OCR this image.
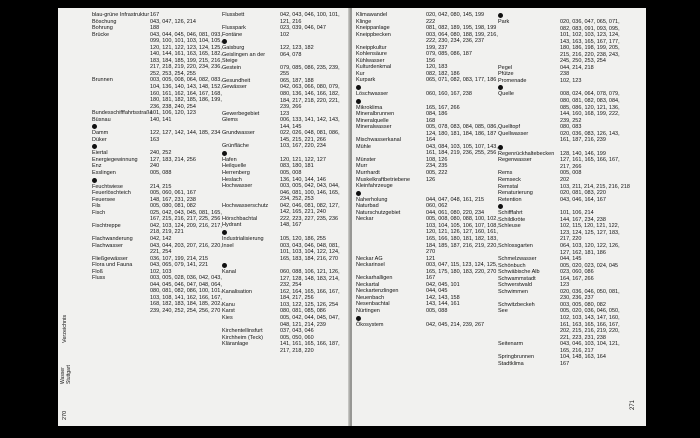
blau-grüne Infrastruktur 167
Böschung	043, 047, 126, 214
Bohrung	188
Brücke	043, 044, 045, 046, 081, 093, 099, 100, 101, 103, 104, 105, 120, 121, 122, 123, 124, 125, 140, 144, 161, 163, 165, 182, 183, 184, 185, 199, 215, 216, 217, 218, 219, 220, 234, 236, 252, 253, 254, 255
Brunnen	003, 005, 008, 064, 082, 083, 104, 136, 140, 143, 148, 152, 160, 161, 162, 164, 167, 168, 180, 181, 182, 185, 186, 199, 236, 238, 240, 254
Bundesschifffahrtsstraße
101, 106, 120, 123
Büsnau	140, 141
Damm	122, 127, 142, 144, 185, 234
Düker	163
Eiertal	240, 252
Energiegewinnung	127, 183, 214, 256
Enz	240
Esslingen	005, 088
Feuchtwiese	214, 215
Feuerlöschteich	005, 060, 061, 167
Feuersee	148, 167, 231, 238
Fils	005, 080, 081, 082
Fisch	025, 042, 043, 045, 081, 165, 167, 215, 216, 217, 225, 256
Fischtreppe	042, 103, 124, 209, 216, 217, 218, 219, 221
Flachwanderung	042, 142
Flachwasser	043, 044, 203, 207, 216, 220, 221, 254
Fließgewässer	036, 107, 199, 214, 215
Flora und Fauna	043, 065, 079, 141, 221
Floß	102, 103
Fluss	003, 005, 028, 036, 042, 043, 044, 045, 046, 047, 048, 064, 080, 081, 082, 086, 100, 101, 103, 108, 141, 162, 166, 167, 168, 182, 183, 184, 185, 202, 239, 240, 252, 254, 256, 270
Flussbett	042, 043, 046, 100, 101, 121, 216
Flusspark	023, 039, 046, 047
Fontäne	102
Gaisburg	122, 123, 182
Geislingen an der Steige
064, 078
Gestein	079, 085, 086, 235, 239, 255
Gesundheit	065, 187, 188
Gewässer	042, 063, 066, 080, 079, 080, 136, 146, 166, 182, 184, 217, 218, 220, 221, 239, 266
Gewerbegebiet	123
Glems	006, 133, 141, 142, 143, 144, 145
Grundwasser	022, 026, 048, 081, 086, 145, 215, 221, 266
Grünfläche	103, 167, 220, 234
Hafen	120, 121, 122, 127
Heilquelle	083, 180, 181
Herrenberg	005, 008
Heslach	136, 140, 144, 146
Hochwasser	003, 005, 042, 043, 044, 046, 081, 100, 146, 165, 234, 252, 253
Hochwasserschutz	042, 046, 081, 082, 127, 142, 165, 221, 240
Hörschbachtal	222, 223, 227, 235, 236
Hydrant	148, 167
Industrialisierung	105, 120, 186, 255
Insel	003, 043, 046, 048, 081, 101, 103, 104, 122, 124, 165, 183, 184, 216, 270
Kanal	060, 088, 106, 121, 126, 127, 128, 148, 183, 214, 232, 254
Kanalisation	162, 164, 165, 166, 167, 184, 217, 256
Kanu	103, 122, 125, 126, 254
Karst	080, 081, 085, 086
Kies	005, 042, 044, 045, 047, 048, 121, 214, 239
Kirchentellinsfurt	037, 043, 046
Kirchheim (Teck)	005, 050, 060
Kläranlage	141, 161, 165, 166, 187, 217, 218, 220
Verzeichnis
Wasser
Stuttgart
270
Klimawandel	020, 042, 080, 145, 199
Klinge	222
Kneippanlage	081, 082, 189, 195, 198, 199
Kneippbecken	003, 064, 080, 188, 199, 216, 222, 230, 234, 236, 237
Kneippkultur	199, 237
Kohlensäure	079, 085, 086, 187
Kühlwasser	156
Kulturdenkmal	120, 183
Kur	082, 182, 186
Kurpark	065, 071, 082, 083, 177, 186
Löschwasser	060, 160, 167, 238
Mikroklima	165, 167, 266
Mineralbrunnen	084, 186
Mineralquelle	168
Mineralwasser	005, 078, 083, 084, 085, 086, 124, 180, 181, 184, 186, 187
Mischwasserkanal	164
Mühle	043, 084, 103, 105, 107, 143, 161, 184, 219, 236, 255, 256
Münster	108, 126
Murr	234, 235
Murrhardt	005, 222
Muskelkraftbetriebene Kleinfahrzeuge
126
Naherholung	044, 047, 048, 161, 215
Naturbad	060, 062
Naturschutzgebiet	044, 061, 080, 220, 234
Neckar	005, 008, 080, 088, 100, 102, 103, 104, 105, 106, 107, 108, 120, 121, 126, 127, 160, 161, 165, 166, 180, 181, 182, 183, 184, 185, 187, 216, 219, 220, 270
Neckar AG	121
Neckarinsel	003, 047, 115, 123, 124, 125, 165, 175, 180, 183, 220, 270
Neckarhalligen	167
Neckartal	042, 045, 101
Neckartenzlingen	044, 045
Neuenbach	142, 143, 158
Nesenbachtal	143, 144, 161
Nürtingen	005, 088
Ökosystem	042, 045, 214, 239, 267
Park	020, 036, 047, 065, 071, 082, 083, 091, 093, 095, 101, 102, 103, 123, 124, 143, 163, 165, 167, 177, 180, 186, 198, 199, 205, 215, 216, 220, 238, 243, 245, 250, 253, 254
Pegel	044, 214, 218
Pfütze	238
Promenade	102, 123
Quelle	008, 024, 064, 078, 079, 080, 081, 082, 083, 084, 085, 086, 120, 121, 136, 144, 160, 168, 199, 222, 239, 252
Quelltopf	080, 083
Quellwasser	020, 036, 083, 126, 143, 161, 187, 216, 239
Regenrückhaltebecken	128, 140, 146, 199
Regenwasser	127, 161, 165, 166, 167, 217, 266
Rems	005, 008
Remseck	202
Remstal	103, 211, 214, 215, 216, 218
Renaturierung	020, 081, 083, 220
Retention	043, 046, 164, 167
Schifffahrt	101, 106, 214
Schildkröte	144, 167, 234, 238
Schleuse	102, 115, 120, 121, 122, 123, 124, 125, 127, 183, 217, 220
Schlossgarten	064, 103, 120, 122, 126, 127, 162, 181, 186
Schmelzwasser	044, 145
Schönbuch	005, 020, 023, 024, 045
Schwäbische Alb	023, 060, 086
Schwammstadt	164, 167, 266
Schwerstwald	123
Schwimmen	020, 036, 046, 050, 081, 230, 236, 237
Schwitzbeckeh	003, 005, 080, 082
See	005, 020, 036, 046, 050, 102, 103, 143, 147, 160, 161, 163, 165, 166, 167, 202, 215, 216, 219, 220, 221, 223, 231, 238
Seitenarm	043, 046, 103, 104, 121, 165, 216, 217
Springbrunnen	104, 148, 163, 164
Stadtklima	167
271
